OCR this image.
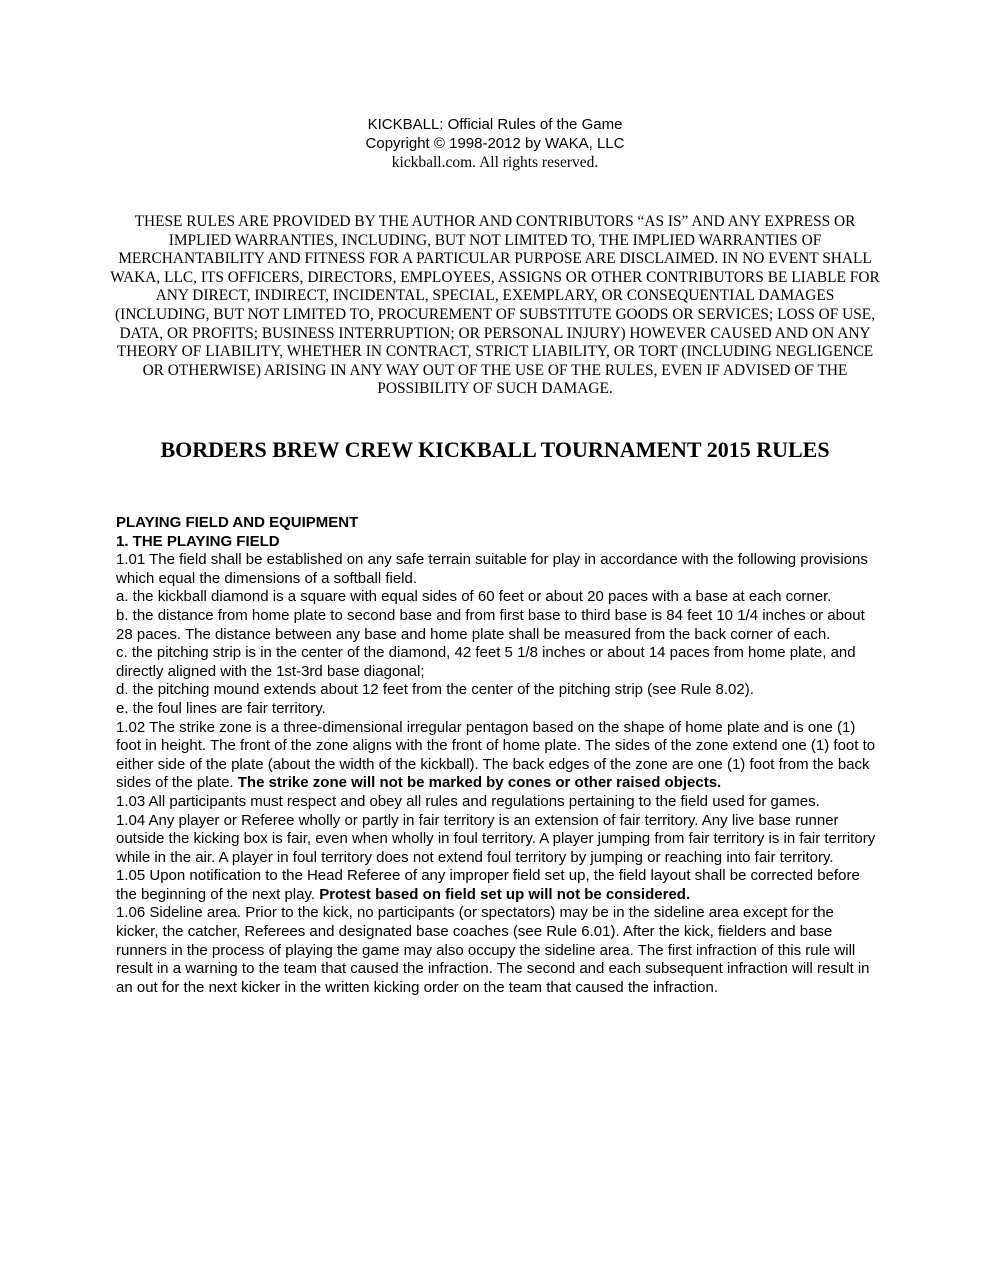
KICKBALL: Official Rules of the Game
Copyright © 1998-2012 by WAKA, LLC
kickball.com. All rights reserved.
THESE RULES ARE PROVIDED BY THE AUTHOR AND CONTRIBUTORS “AS IS” AND ANY EXPRESS OR IMPLIED WARRANTIES, INCLUDING, BUT NOT LIMITED TO, THE IMPLIED WARRANTIES OF MERCHANTABILITY AND FITNESS FOR A PARTICULAR PURPOSE ARE DISCLAIMED. IN NO EVENT SHALL WAKA, LLC, ITS OFFICERS, DIRECTORS, EMPLOYEES, ASSIGNS OR OTHER CONTRIBUTORS BE LIABLE FOR ANY DIRECT, INDIRECT, INCIDENTAL, SPECIAL, EXEMPLARY, OR CONSEQUENTIAL DAMAGES (INCLUDING, BUT NOT LIMITED TO, PROCUREMENT OF SUBSTITUTE GOODS OR SERVICES; LOSS OF USE, DATA, OR PROFITS; BUSINESS INTERRUPTION; OR PERSONAL INJURY) HOWEVER CAUSED AND ON ANY THEORY OF LIABILITY, WHETHER IN CONTRACT, STRICT LIABILITY, OR TORT (INCLUDING NEGLIGENCE OR OTHERWISE) ARISING IN ANY WAY OUT OF THE USE OF THE RULES, EVEN IF ADVISED OF THE POSSIBILITY OF SUCH DAMAGE.
BORDERS BREW CREW KICKBALL TOURNAMENT 2015 RULES

PLAYING FIELD AND EQUIPMENT

1. THE PLAYING FIELD

1.01 The field shall be established on any safe terrain suitable for play in accordance with the following provisions which equal the dimensions of a softball field.

a. the kickball diamond is a square with equal sides of 60 feet or about 20 paces with a base at each corner.

b. the distance from home plate to second base and from first base to third base is 84 feet 10 1/4 inches or about 28 paces. The distance between any base and home plate shall be measured from the back corner of each.

c. the pitching strip is in the center of the diamond, 42 feet 5 1/8 inches or about 14 paces from home plate, and directly aligned with the 1st-3rd base diagonal;

d. the pitching mound extends about 12 feet from the center of the pitching strip (see Rule 8.02).

e. the foul lines are fair territory.

1.02 The strike zone is a three-dimensional irregular pentagon based on the shape of home plate and is one (1) foot in height. The front of the zone aligns with the front of home plate. The sides of the zone extend one (1) foot to either side of the plate (about the width of the kickball). The back edges of the zone are one (1) foot from the back sides of the plate. The strike zone will not be marked by cones or other raised objects.

1.03 All participants must respect and obey all rules and regulations pertaining to the field used for games.

1.04 Any player or Referee wholly or partly in fair territory is an extension of fair territory. Any live base runner outside the kicking box is fair, even when wholly in foul territory. A player jumping from fair territory is in fair territory while in the air. A player in foul territory does not extend foul territory by jumping or reaching into fair territory.

1.05 Upon notification to the Head Referee of any improper field set up, the field layout shall be corrected before the beginning of the next play. Protest based on field set up will not be considered.

1.06 Sideline area. Prior to the kick, no participants (or spectators) may be in the sideline area except for the kicker, the catcher, Referees and designated base coaches (see Rule 6.01). After the kick, fielders and base runners in the process of playing the game may also occupy the sideline area. The first infraction of this rule will result in a warning to the team that caused the infraction. The second and each subsequent infraction will result in an out for the next kicker in the written kicking order on the team that caused the infraction.
